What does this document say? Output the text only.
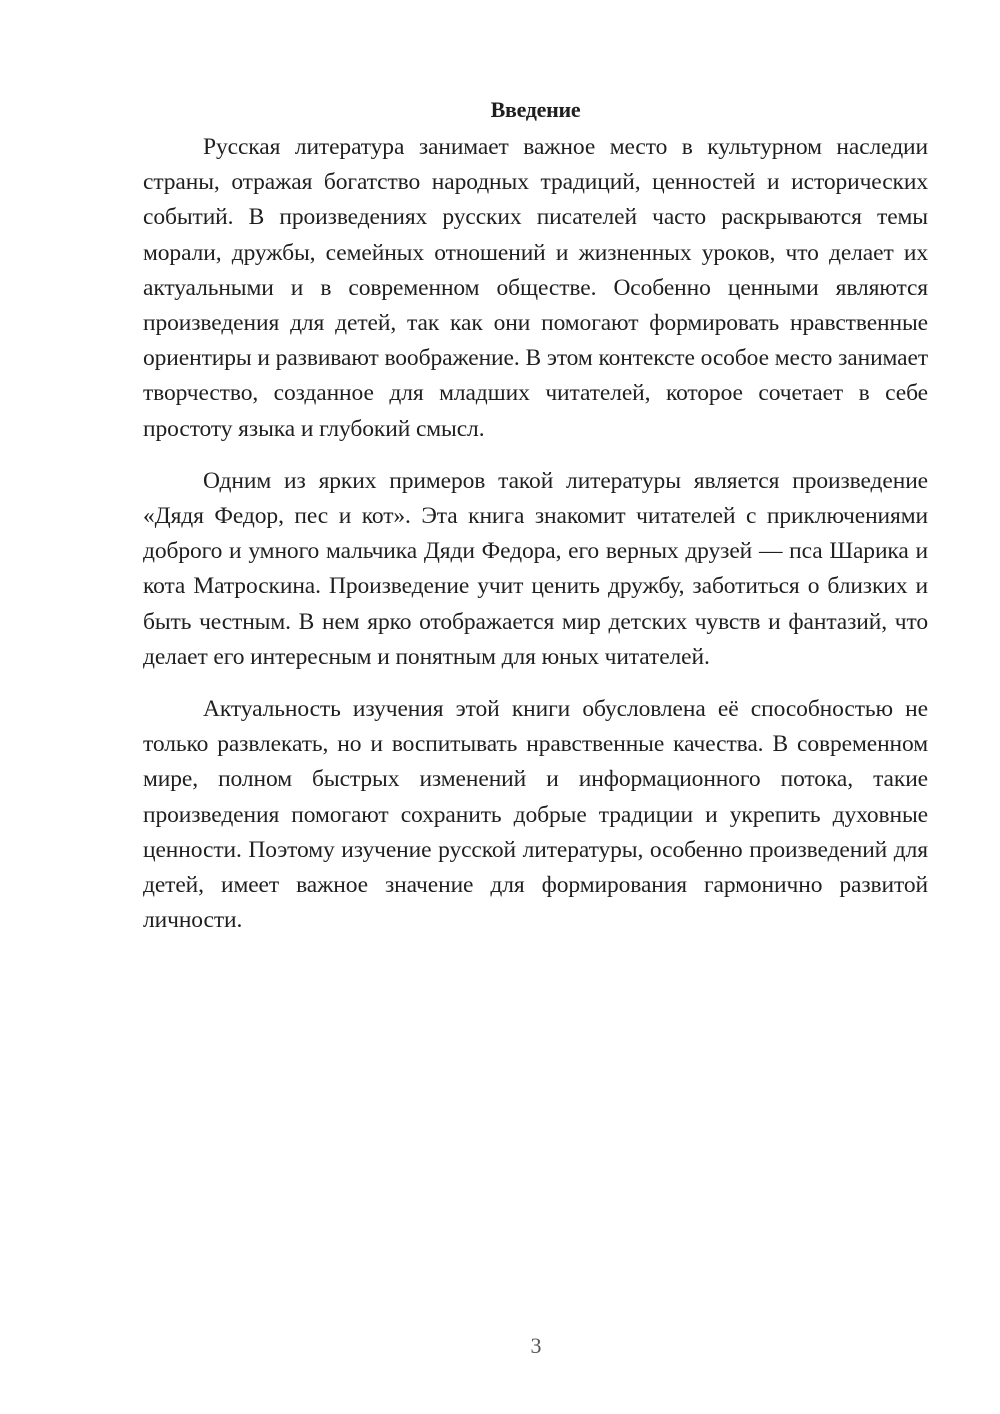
Введение

Русская литература занимает важное место в культурном наследии страны, отражая богатство народных традиций, ценностей и исторических событий. В произведениях русских писателей часто раскрываются темы морали, дружбы, семейных отношений и жизненных уроков, что делает их актуальными и в современном обществе. Особенно ценными являются произведения для детей, так как они помогают формировать нравственные ориентиры и развивают воображение. В этом контексте особое место занимает творчество, созданное для младших читателей, которое сочетает в себе простоту языка и глубокий смысл.

Одним из ярких примеров такой литературы является произведение «Дядя Федор, пес и кот». Эта книга знакомит читателей с приключениями доброго и умного мальчика Дяди Федора, его верных друзей — пса Шарика и кота Матроскина. Произведение учит ценить дружбу, заботиться о близких и быть честным. В нем ярко отображается мир детских чувств и фантазий, что делает его интересным и понятным для юных читателей.

Актуальность изучения этой книги обусловлена её способностью не только развлекать, но и воспитывать нравственные качества. В современном мире, полном быстрых изменений и информационного потока, такие произведения помогают сохранить добрые традиции и укрепить духовные ценности. Поэтому изучение русской литературы, особенно произведений для детей, имеет важное значение для формирования гармонично развитой личности.

3
